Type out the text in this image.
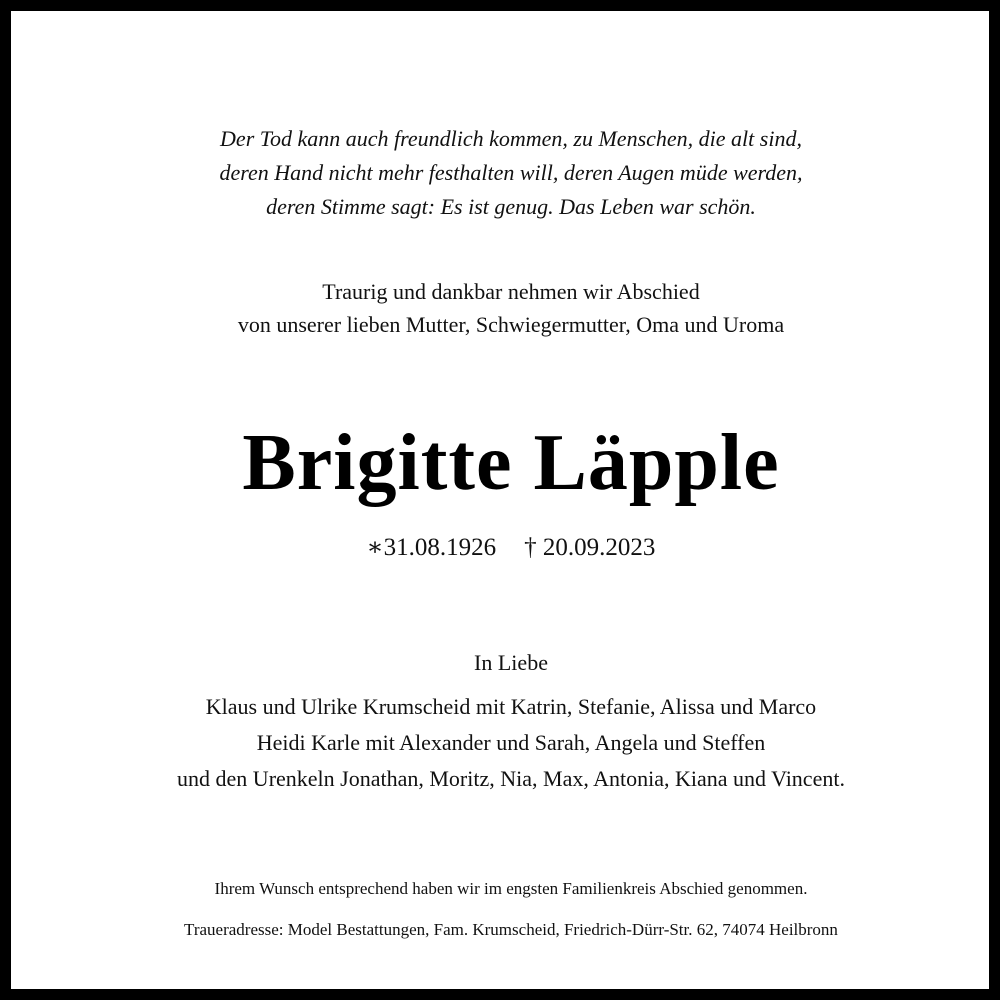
Der Tod kann auch freundlich kommen, zu Menschen, die alt sind,

deren Hand nicht mehr festhalten will, deren Augen müde werden,

deren Stimme sagt: Es ist genug. Das Leben war schön.

Traurig und dankbar nehmen wir Abschied

von unserer lieben Mutter, Schwiegermutter, Oma und Uroma

Brigitte Läpple

∗31.08.1926 † 20.09.2023

In Liebe

Klaus und Ulrike Krumscheid mit Katrin, Stefanie, Alissa und Marco

Heidi Karle mit Alexander und Sarah, Angela und Steffen

und den Urenkeln Jonathan, Moritz, Nia, Max, Antonia, Kiana und Vincent.

Ihrem Wunsch entsprechend haben wir im engsten Familienkreis Abschied genommen.

Traueradresse: Model Bestattungen, Fam. Krumscheid, Friedrich-Dürr-Str. 62, 74074 Heilbronn
